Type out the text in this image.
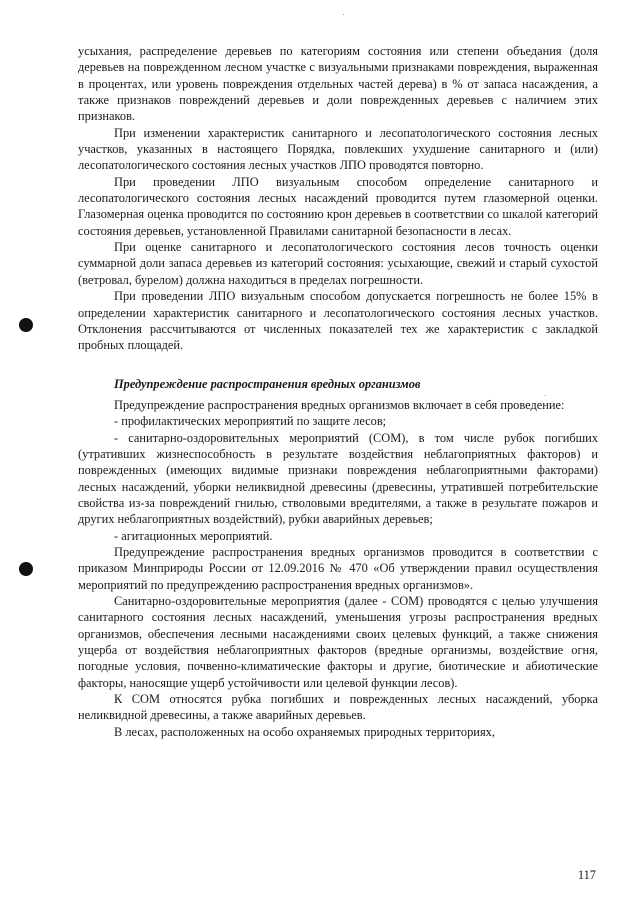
усыхания, распределение деревьев по категориям состояния или степени объедания (доля деревьев на поврежденном лесном участке с визуальными признаками повреждения, выраженная в процентах, или уровень повреждения отдельных частей дерева) в % от запаса насаждения, а также признаков повреждений деревьев и доли поврежденных деревьев с наличием этих признаков.

При изменении характеристик санитарного и лесопатологического состояния лесных участков, указанных в настоящего Порядка, повлекших ухудшение санитарного и (или) лесопатологического состояния лесных участков ЛПО проводятся повторно.

При проведении ЛПО визуальным способом определение санитарного и лесопатологического состояния лесных насаждений проводится путем глазомерной оценки. Глазомерная оценка проводится по состоянию крон деревьев в соответствии со шкалой категорий состояния деревьев, установленной Правилами санитарной безопасности в лесах.

При оценке санитарного и лесопатологического состояния лесов точность оценки суммарной доли запаса деревьев из категорий состояния: усыхающие, свежий и старый сухостой (ветровал, бурелом) должна находиться в пределах погрешности.

При проведении ЛПО визуальным способом допускается погрешность не более 15% в определении характеристик санитарного и лесопатологического состояния лесных участков. Отклонения рассчитываются от численных показателей тех же характеристик с закладкой пробных площадей.

Предупреждение распространения вредных организмов

Предупреждение распространения вредных организмов включает в себя проведение:

- профилактических мероприятий по защите лесов;

- санитарно-оздоровительных мероприятий (СОМ), в том числе рубок погибших (утративших жизнеспособность в результате воздействия неблагоприятных факторов) и поврежденных (имеющих видимые признаки повреждения неблагоприятными факторами) лесных насаждений, уборки неликвидной древесины (древесины, утратившей потребительские свойства из-за повреждений гнилью, стволовыми вредителями, а также в результате пожаров и других неблагоприятных воздействий), рубки аварийных деревьев;

- агитационных мероприятий.

Предупреждение распространения вредных организмов проводится в соответствии с приказом Минприроды России от 12.09.2016 № 470 «Об утверждении правил осуществления мероприятий по предупреждению распространения вредных организмов».

Санитарно-оздоровительные мероприятия (далее - СОМ) проводятся с целью улучшения санитарного состояния лесных насаждений, уменьшения угрозы распространения вредных организмов, обеспечения лесными насаждениями своих целевых функций, а также снижения ущерба от воздействия неблагоприятных факторов (вредные организмы, воздействие огня, погодные условия, почвенно-климатические факторы и другие, биотические и абиотические факторы, наносящие ущерб устойчивости или целевой функции лесов).

К СОМ относятся рубка погибших и поврежденных лесных насаждений, уборка неликвидной древесины, а также аварийных деревьев.

В лесах, расположенных на особо охраняемых природных территориях,

117
